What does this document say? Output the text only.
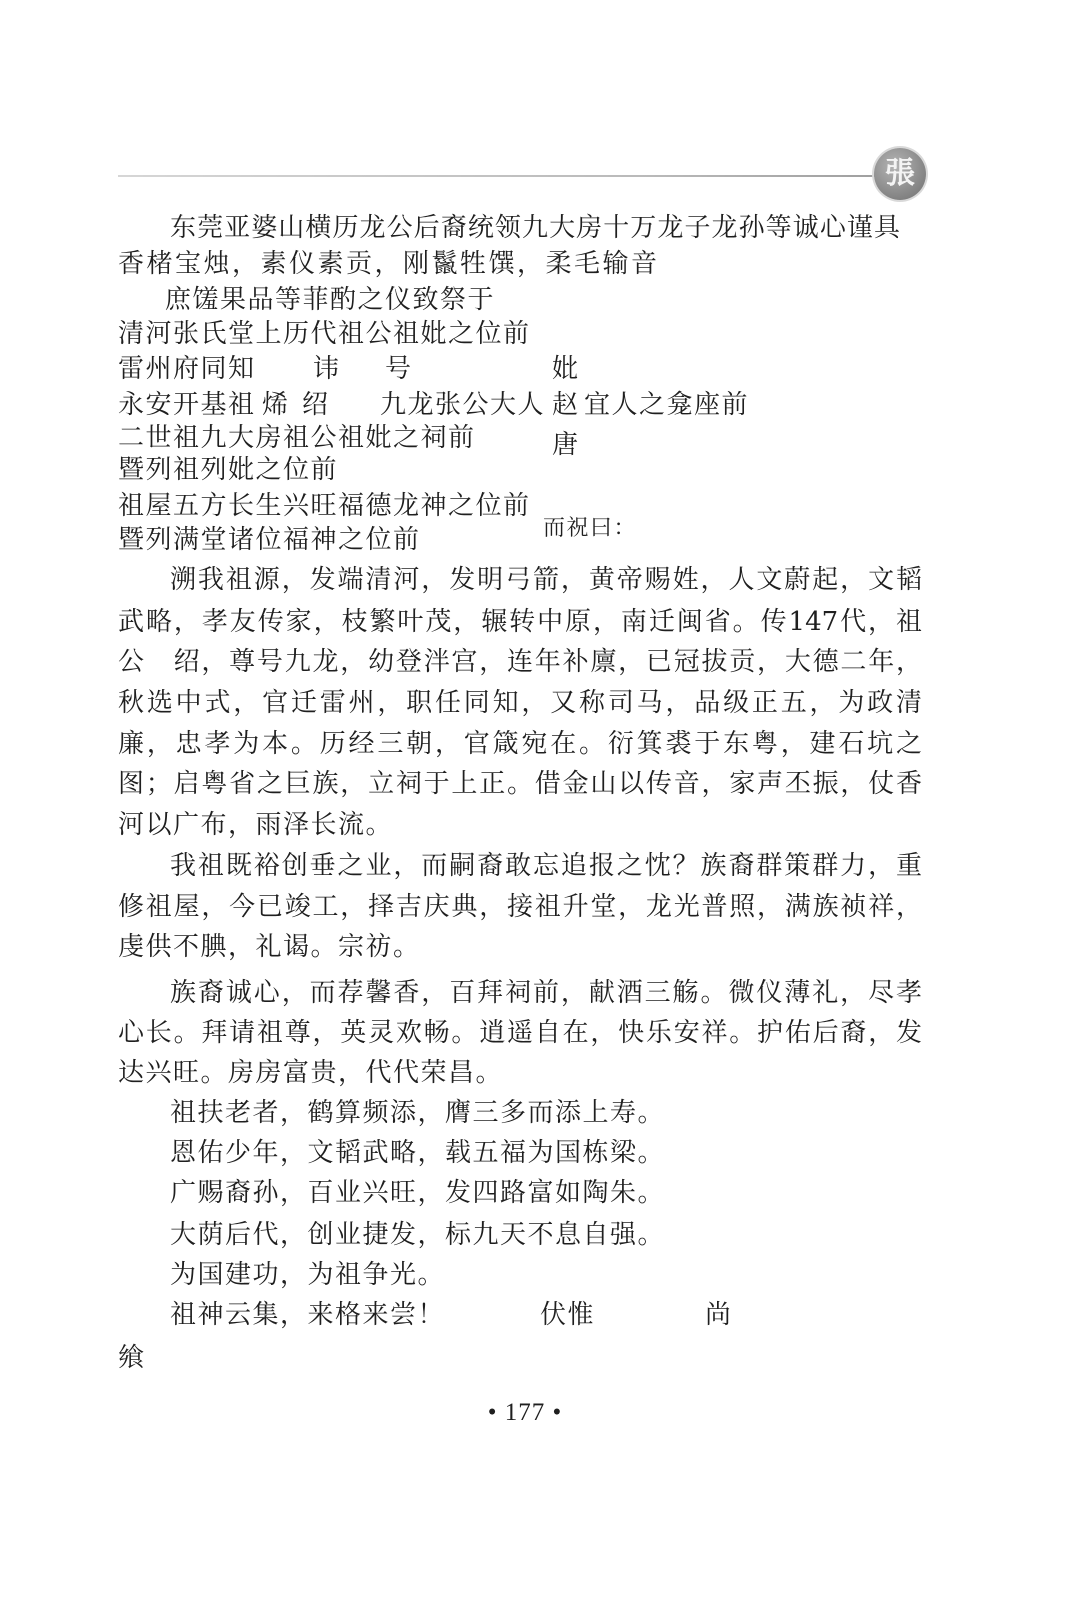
張
东莞亚婆山横历龙公后裔统领九大房十万龙子龙孙等诚心谨具
香楮宝烛，素仪素贡，刚鬣牲馔，柔毛输音
庶馐果品等菲酌之仪致祭于
清河张氏堂上历代祖公祖妣之位前
雷州府同知 讳 号	妣
永安开基祖 烯绍 九龙张公大人 赵 宜人之龛座前
二世祖九大房祖公祖妣之祠前	唐
暨列祖列妣之位前
祖屋五方长生兴旺福德龙神之位前
暨列满堂诸位福神之位前	而祝曰：
溯我祖源，发端清河，发明弓箭，黄帝赐姓，人文蔚起，文韬
武略，孝友传家，枝繁叶茂，辗转中原，南迁闽省。传147代，祖
公　绍，尊号九龙，幼登泮宫，连年补廪，已冠拔贡，大德二年，
秋选中式，官迁雷州，职任同知，又称司马，品级正五，为政清
廉，忠孝为本。历经三朝，官箴宛在。衍箕裘于东粤，建石坑之
图；启粤省之巨族，立祠于上正。借金山以传音，家声丕振，仗香
河以广布，雨泽长流。
我祖既裕创垂之业，而嗣裔敢忘追报之忱？族裔群策群力，重
修祖屋，今已竣工，择吉庆典，接祖升堂，龙光普照，满族祯祥，
虔供不腆，礼谒。宗祊。
族裔诚心，而荐馨香，百拜祠前，献酒三觞。微仪薄礼，尽孝
心长。拜请祖尊，英灵欢畅。逍遥自在，快乐安祥。护佑后裔，发
达兴旺。房房富贵，代代荣昌。
祖扶老者，鹤算频添，膺三多而添上寿。
恩佑少年，文韬武略，载五福为国栋梁。
广赐裔孙，百业兴旺，发四路富如陶朱。
大荫后代，创业捷发，标九天不息自强。
为国建功，为祖争光。
祖神云集，来格来尝！	伏惟	尚
飨
• 177 •
